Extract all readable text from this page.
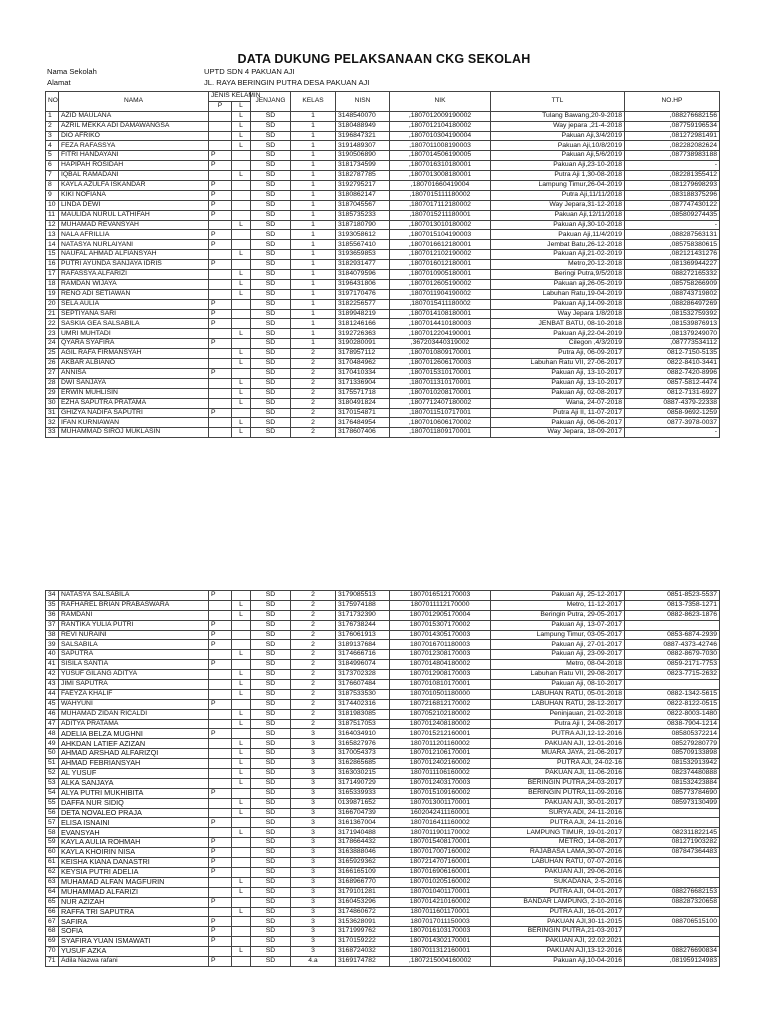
DATA DUKUNG PELAKSANAAN CKG SEKOLAH
Nama Sekolah	UPTD SDN 4 PAKUAN AJI
Alamat	JL. RAYA BERINGIN PUTRA DESA PAKUAN AJI
NO	NAMA	JENIS KELAMIN		JENJANG	KELAS	NISN	NIK	TTL	NO.HP
		P	L						
1	AZID MAULANA		L	SD	1	3148540070	,1807012009190002	Tulang Bawang,20-9-2018	,088276682156
2	AZRIL MEKKA ADI DAMAWANGSA		L	SD	1	3180488949	,1807012104180002	Way jepara ,21-4-2018	,087759196534
3	DIO AFRIKO		L	SD	1	3196847321	,1807010304190004	Pakuan Aji,3/4/2019	,081272981491
4	FEZA RAFASSYA		L	SD	1	3191489307	,1807011008190003	Pakuan Aji,10/8/2019	,082282082624
5	FITRI HANDAYANI	P		SD	1	3190506890	,1807014506190005	Pakuan Aji,5/6/2019	,087738983188
6	HAPIPAH ROSIDAH	P		SD	1	3181734599	,1807016310180001	Pakuan Aji,23-10-2018	-
7	IQBAL RAMADANI		L	SD	1	3182787785	,1807013008180001	Putra Aji 1,30-08-2018	,082281355412
8	KAYLA AZULFA ISKANDAR	P		SD	1	3192795217	,180701660419004	Lampung Timur,26-04-2019	,081279698293
9	KIKI NOFIANA	P		SD	1	3180862147	,1807015111180002	Putra Aji,11/11/2018	,083188375296
10	LINDA DEWI	P		SD	1	3187045567	,1807017112180002	Way Jepara,31-12-2018	,087747430122
11	MAULIDA NURUL LATHIFAH	P		SD	1	3185735233	,1807015211180001	Pakuan Aji,12/11/2018	,085809274435
12	MUHAMAD REVANSYAH		L	SD	1	3187180790	,1807013010180002	Pakuan Aji,30-10-2018	-
13	NALA AFRILLIA	P		SD	1	3193058612	,1807015104190003	Pakuan Aji,11/4/2019	,088287563131
14	NATASYA NURLAIYANI	P		SD	1	3185567410	,1807016612180001	Jembat Batu,26-12-2018	,085758380615
15	NAUFAL AHMAD ALFIANSYAH		L	SD	1	3193659853	,1807012102190002	Pakuan Aji,21-02-2019	,082121431276
16	PUTRI AYUNDA SANJAYA IDRIS	P		SD	1	3182931477	,1807016012180001	Metro,20-12-2018	,081369944227
17	RAFASSYA ALFARIZI		L	SD	1	3184079596	,1807010905180001	Beringi Putra,9/5/2018	088272165332
18	RAMDAN WIJAYA		L	SD	1	3196431806	,1807012605190002	Pakuan aji,26-05-2019	,085758266909
19	RENO ADI SETIAWAN		L	SD	1	3197170476	,1807011904190002	Labuhan Ratu,19-04-2019	,088743719802
20	SELA AULIA	P		SD	1	3182256577	,1807015411180002	Pakuan Aji,14-09-2018	,088286497269
21	SEPTIYANA SARI	P		SD	1	3189948219	,1807014108180001	Way Jepara 1/8/2018	,081532759392
22	SASKIA GEA SALSABILA	P		SD	1	3181246166	,1807014410180003	JENBAT BATU, 08-10-2018	,081539876913
23	UMRI MUHTADI		L	SD	1	3192726363	,1807012204190001	Pakuan Aji,22-04-2019	,081379249070
24	QYARA SYAFIRA	P		SD	1	3190280091	,367203440319002	Cilegon ,4/3/2019	,087773534112
25	AGIL RAFA FIRMANSYAH		L	SD	2	3178957112	,1807010809170001	Putra Aji, 06-09-2017	0812-7150-5135
26	AKBAR ALBIANO		L	SD	2	3170484962	,1807012606170003	Labuhan Ratu VII, 27-06-2017	0822-8410-3441
27	ANNISA	P		SD	2	3170410334	,1807015310170001	Pakuan Aji, 13-10-2017	0882-7420-8996
28	DWI SANJAYA		L	SD	2	3171336904	,1807011310170001	Pakuan Aji, 13-10-2017	0857-5812-4474
29	ERWIN MUHLISIN		L	SD	2	3175571718	,1807010208170001	Pakuan Aji, 02-08-2017	0812-7131-6927
30	EZHA SAPUTRA PRATAMA		L	SD	2	3180491824	,1807712407180002	Wana, 24-07-2018	0887-4379-22338
31	GHIZYA NADIFA SAPUTRI	P		SD	2	3170154871	,1807011510717001	Putra Aji II, 11-07-2017	0858-9692-1259
32	IFAN KURNIAWAN		L	SD	2	3176484954	,1807010606170002	Pakuan Aji, 06-06-2017	0877-3978-0037
33	MUHAMMAD SIROJ MUKLASIN		L	SD	2	3178607406	,1807011809170001	Way Jepara, 18-09-2017	-
34	NATASYA SALSABILA	P		SD	2	3179085513	1807016512170003	Pakuan Aji, 25-12-2017	0851-8523-5537
35	RAFHAREL BRIAN PRABASWARA		L	SD	2	3175974188	1807011112170000	Metro, 11-12-2017	0813-7358-1271
36	RAMDANI		L	SD	2	3171732390	1807012905170004	Beringin Putra, 29-05-2017	0882-8623-1876
37	RANTIKA YULIA PUTRI	P		SD	2	3176738244	1807015307170002	Pakuan Aji, 13-07-2017	
38	REVI NURAINI	P		SD	2	3176061913	1807014305170003	Lampung Timur, 03-05-2017	0853-6874-2939
39	SALSABILA	P		SD	2	3189137684	1807016701180003	Pakuan Aji, 27-01-2017	0887-4373-42746
40	SAPUTRA		L	SD	2	3174666716	1807012308170003	Pakuan Aji, 23-09-2017	0882-8679-7030
41	SISILA SANTIA	P		SD	2	3184996074	1807014804180002	Metro, 08-04-2018	0859-2171-7753
42	YUSUF GILANG ADITYA		L	SD	2	3173702328	1807012908170003	Labuhan Ratu VII, 29-08-2017	0823-7715-2632
43	JIMI SAPUTRA		L	SD	2	3176607484	1807010810170001	Pakuan Aji, 08-10-2017	
44	FAEYZA KHALIF		L	SD	2	3187533530	1807010501180000	LABUHAN RATU, 05-01-2018	0882-1342-5615
45	WAHYUNI	P		SD	2	3174402316	1807216812170002	LABUHAN RATU, 28-12-2017	0822-8122-0515
46	MUHAMAD ZIDAN RICALDI		L	SD	2	3181983085	1807052102180002	Peninjauan, 21-02-2018	0822-8003-1480
47	ADITYA PRATAMA		L	SD	2	3187517053	1807012408180002	Putra Aji I, 24-08-2017	0838-7904-1214
48	ADELIA BELZA MUGHNI	P		SD	3	3164034910	1807015212160001	PUTRA AJI,12-12-2016	085805372214
49	AHKDAN LATIEF AZIZAN		L	SD	3	3165827976	1807011201160002	PAKUAN AJI, 12-01-2016	085279280779
50	AHMAD ARSHAD ALFARIZQI		L	SD	3	3170054373	1807012106170001	MUARA JAYA, 21-06-2017	085709133898
51	AHMAD FEBRIANSYAH		L	SD	3	3162865685	1807012402160002	PUTRA AJI, 24-02-16	081532913942
52	AL YUSUF		L	SD	3	3163030215	1807011106160002	PAKUAN AJI, 11-06-2016	082374480888
53	ALKA SANJAYA		L	SD	3	3171490729	1807012403170003	BERINGIN PUTRA,24-03-2017	081532423884
54	ALYA PUTRI MUKHIBITA	P		SD	3	3165339933	1807015109160002	BERINGIN PUTRA,11-09-2016	085773784690
55	DAFFA NUR SIDIQ		L	SD	3	0139871652	1807013001170001	PAKUAN AJI, 30-01-2017	085973130499
56	DETA NOVALEO PRAJA		L	SD	3	3166704739	1602042411160001	SURYA ADI, 24-11-2016	
57	ELISA ISNAINI	P		SD	3	3161367004	1807016411160002	PUTRA AJI, 24-11-2016	
58	EVANSYAH		L	SD	3	3171940488	1807011901170002	LAMPUNG TIMUR, 19-01-2017	082311822145
59	KAYLA AULIA ROHMAH	P		SD	3	3178664432	1807015408170001	METRO, 14-08-2017	081271903282
60	KAYLA KHOIRIN NISA	P		SD	3	3163888046	1807017007160002	RAJABASA LAMA,30-07-2016	087847364483
61	KEISHA KIANA DANASTRI	P		SD	3	3165929362	1807214707160001	LABUHAN RATU, 07-07-2016	
62	KEYSIA PUTRI ADELIA	P		SD	3	3166165109	1807016906160001	PAKUAN AJI, 29-06-2016	
63	MUHAMAD ALFAN MAGFURIN		L	SD	3	3168966770	1807010205160002	SUKADANA, 2-5-2016	
64	MUHAMMAD ALFARIZI		L	SD	3	3179101281	1807010401170001	PUTRA AJI, 04-01-2017	088276682153
65	NUR AZIZAH	P		SD	3	3160453296	1807014210160002	BANDAR LAMPUNG, 2-10-2016	088287320658
66	RAFFA TRI SAPUTRA		L	SD	3	3174860672	1807011601170001	PUTRA AJI, 16-01-2017	
67	SAFIRA	P		SD	3	3153628091	1807017011150003	PAKUAN AJI,30-11-2015	088706515100
68	SOFIA	P		SD	3	3171999762	1807016103170003	BERINGIN PUTRA,21-03-2017	
69	SYAFIRA YUAN ISMAWATI	P		SD	3	3170159222	1807014302170001	PAKUAN AJI, 22.02.2021	
70	YUSUF AZKA		L	SD	3	3168724032	1807011312160001	PAKUAN AJI,13-12-2016	088276690834
71	Adila Nazwa rafani	P		SD	4.a	3169174782	,1807215004160002	Pakuan Aji,10-04-2016	,081959124983
